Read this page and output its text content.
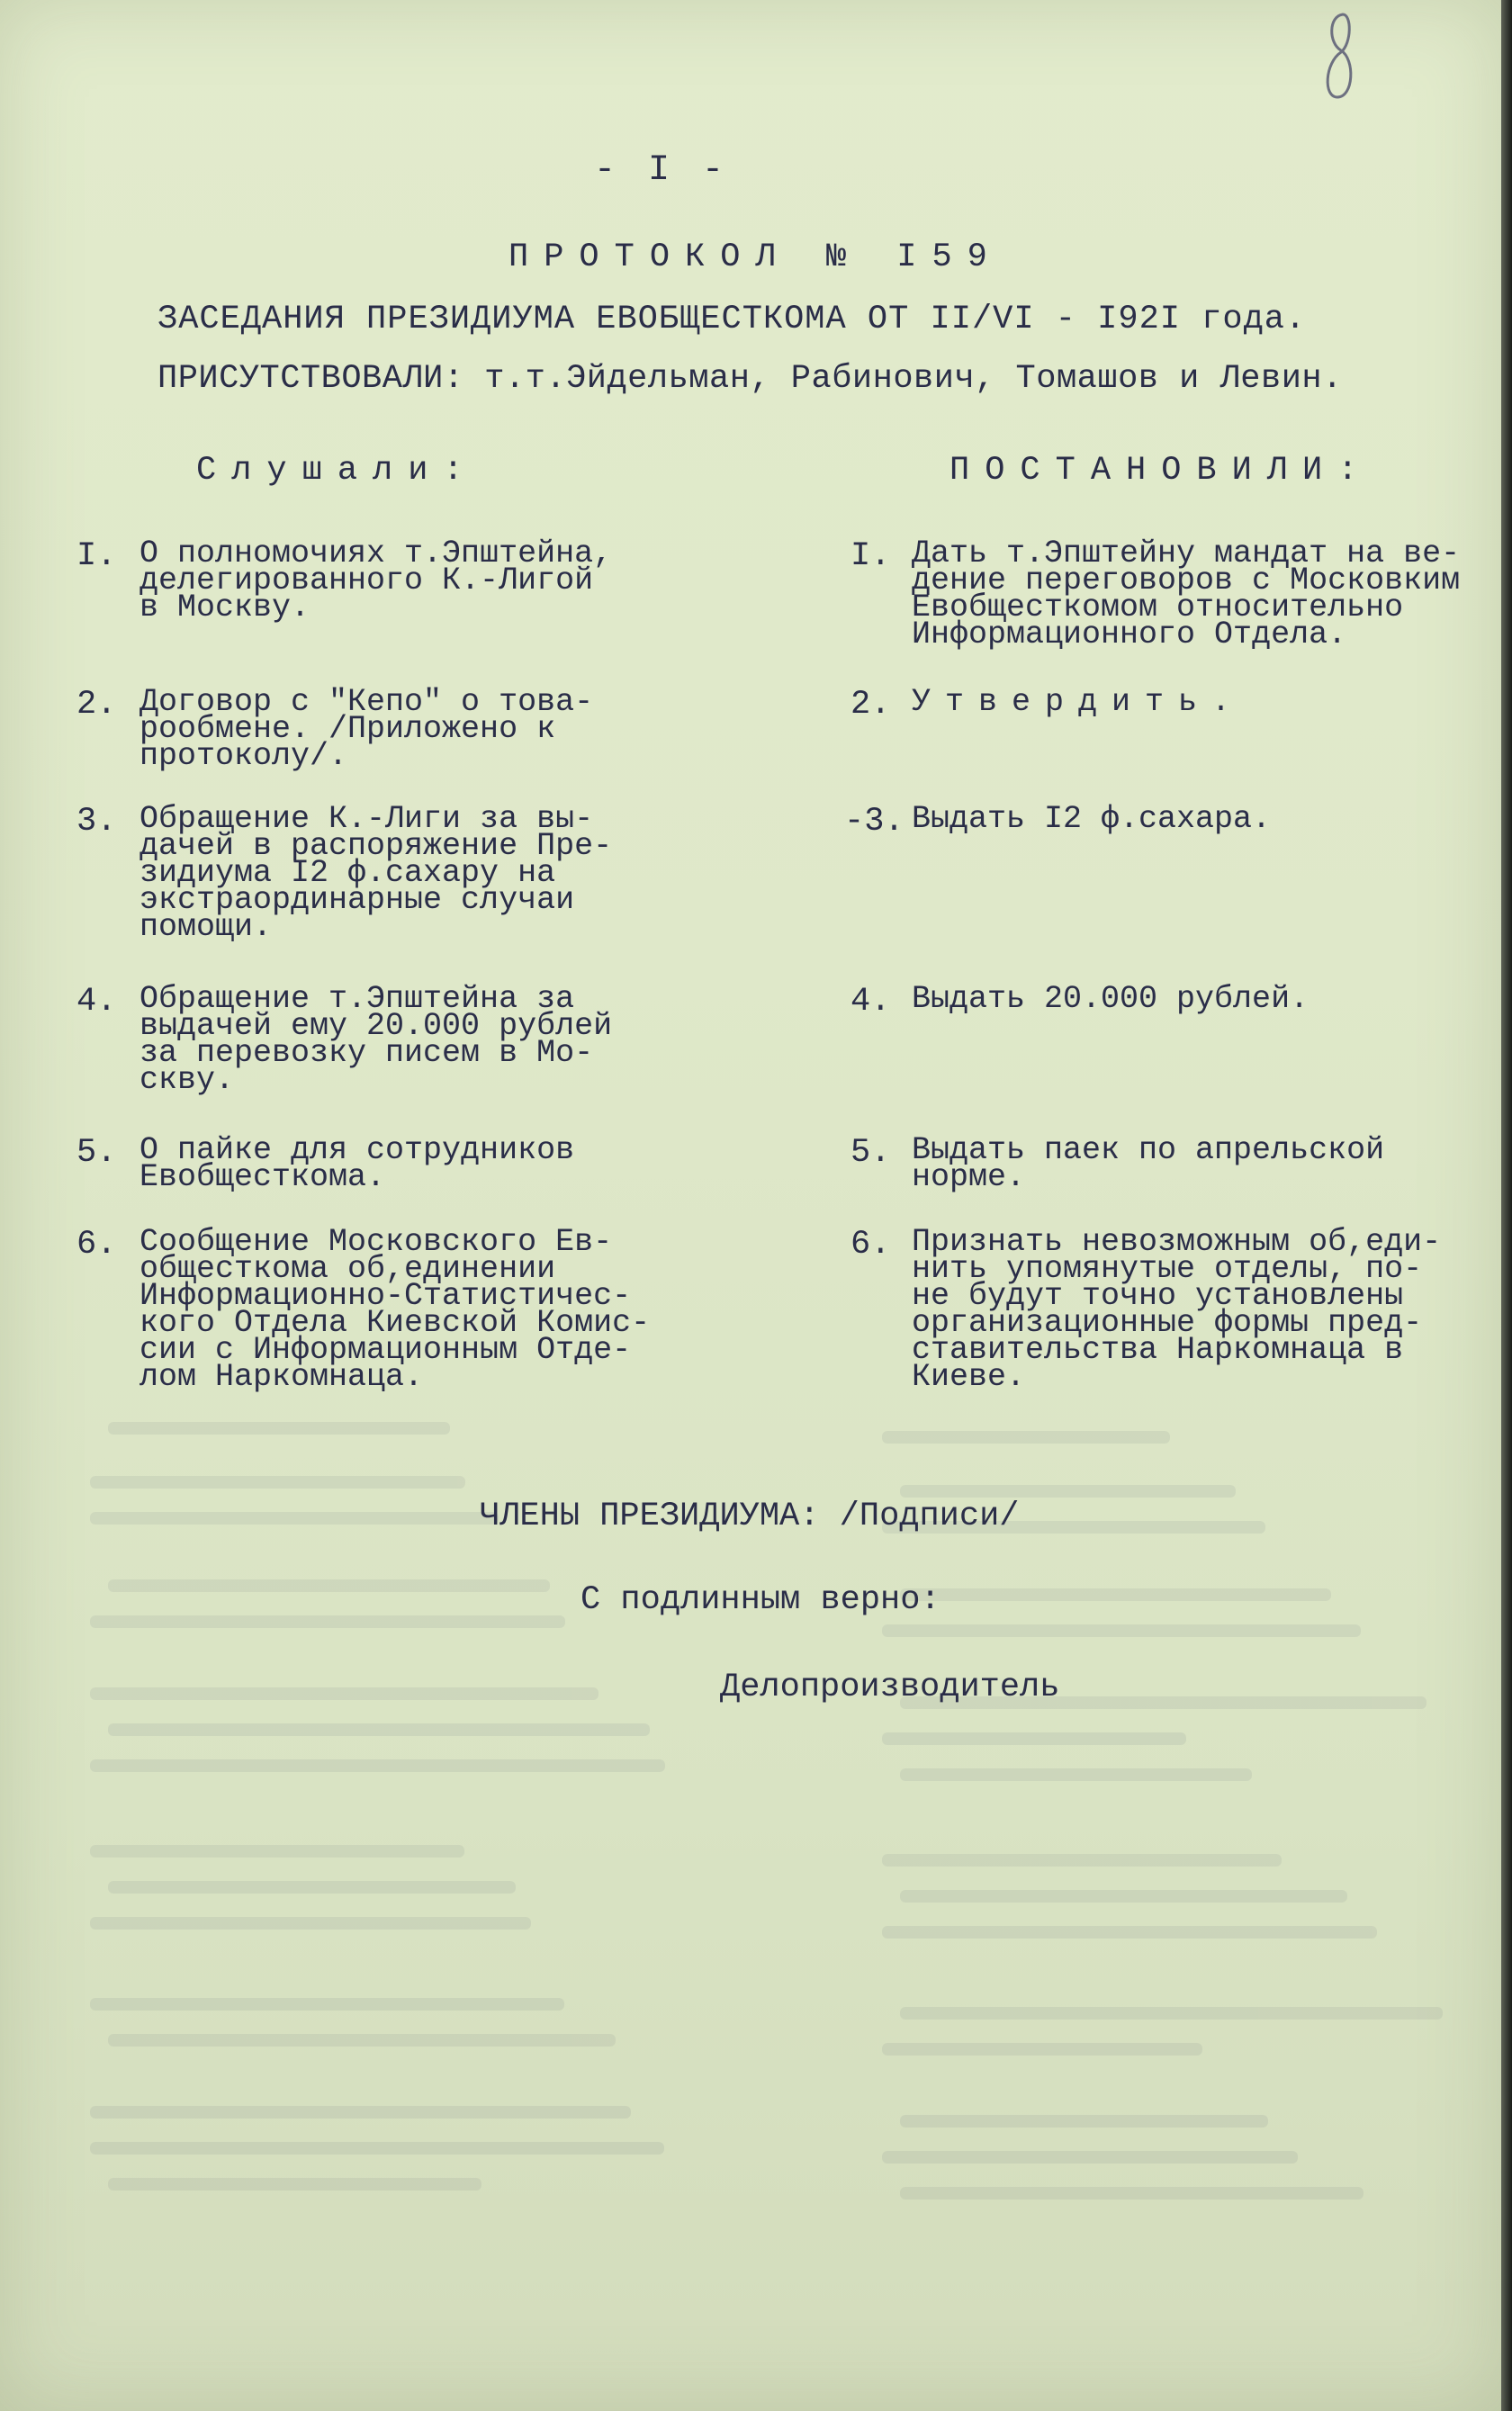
- I -
ПРОТОКОЛ № I59
ЗАСЕДАНИЯ ПРЕЗИДИУМА ЕВОБЩЕСТКОМА ОТ II/VI - I92I года.
ПРИСУТСТВОВАЛИ: т.т.Эйдельман, Рабинович, Томашов и Левин.
Слушали:	ПОСТАНОВИЛИ:
I. О полномочиях т.Эпштейна,
делегированного К.-Лигой
в Москву.
I. Дать т.Эпштейну мандат на ве-
дение переговоров с Московким
Евобщесткомом относительно
Информационного Отдела.
2. Договор с "Кепо" о това-
рообмене. /Приложено к
протоколу/.
2. Утвердить.
3. Обращение К.-Лиги за вы-
дачей в распоряжение Пре-
зидиума I2 ф.сахару на
экстраординарные случаи
помощи.
-3. Выдать I2 ф.сахара.
4. Обращение т.Эпштейна за
выдачей ему 20.000 рублей
за перевозку писем в Мо-
скву.
4. Выдать 20.000 рублей.
5. О пайке для сотрудников
Евобщесткома.
5. Выдать паек по апрельской
норме.
6. Сообщение Московского Ев-
общесткома об,единении
Информационно-Статистичес-
кого Отдела Киевской Комис-
сии с Информационным Отде-
лом Наркомнаца.
6. Признать невозможным об,еди-
нить упомянутые отделы, по-
не будут точно установлены
организационные формы пред-
ставительства Наркомнаца в
Киеве.
ЧЛЕНЫ ПРЕЗИДИУМА: /Подписи/
С подлинным верно:
Делопроизводитель
